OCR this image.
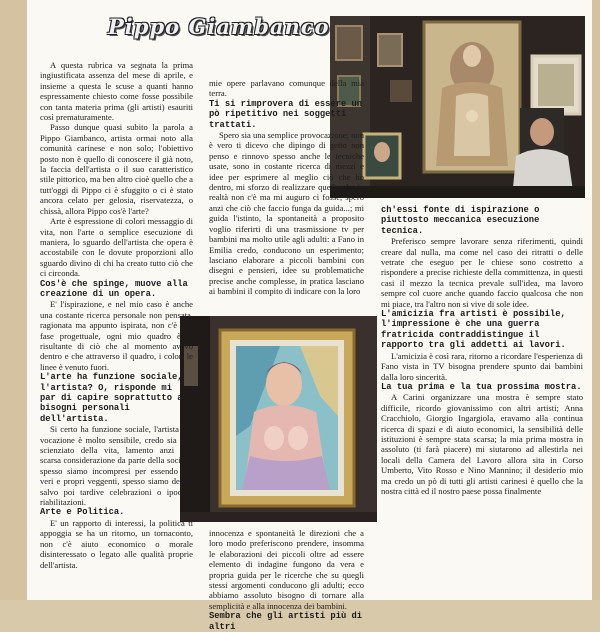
Pippo Giambanco

A questa rubrica va segnata la prima ingiustificata assenza del mese di aprile, e insieme a questa le scuse a quanti hanno espressamente chiesto come fosse possibile con tanta materia prima (gli artisti) esauriti così prematuramente.

Passo dunque quasi subito la parola a Pippo Giambanco, artista ormai noto alla comunità carinese e non solo; l'obiettivo posto non è quello di conoscere il già noto, la faccia dell'artista o il suo caratteristico stile pittorico, ma ben altro cioè quello che a tutt'oggi di Pippo ci è sfuggito o ci è stato ancora celato per gelosia, riservatezza, o chissà, allora Pippo cos'è l'arte?

Arte è espressione di colori messaggio di vita, non l'arte o semplice esecuzione di maniera, lo sguardo dell'artista che opera è accostabile con le dovute proporzioni allo sguardo divino di chi ha creato tutto ciò che ci circonda.

Cos'è che spinge, muove alla creazione di un opera.

E' l'ispirazione, e nel mio caso è anche una costante ricerca personale non pensata, ragionata ma appunto ispirata, non c'è una fase progettuale, ogni mio quadro è la risultante di ciò che al momento avevo dentro e che attraverso il quadro, i colori le linee è venuto fuori.

L'arte ha funzione sociale, l'artista? O, risponde mi par di capire soprattutto ai bisogni personali dell'artista.

Si certo ha funzione sociale, l'artista per vocazione è molto sensibile, credo sia uno scienziato della vita, lamento anzi una scarsa considerazione da parte della società, spesso siamo incompresi per essendo dei veri e propri veggenti, spesso siamo derisi, salvo poi tardive celebrazioni o ipocrite riabilitazioni.

Arte e Politica.

E' un rapporto di interessi, la politica ti appoggia se ha un ritorno, un tornaconto, non c'è aiuto economico o morale disinteressato o legato alle qualità proprie dell'artista.

mie opere parlavano comunque della mia terra.

Ti si rimprovera di essere un pò ripetitivo nei soggetti trattati.

Spero sia una semplice provocazione; non è vero ti dicevo che dipingo di getto non penso e rinnovo spesso anche le tecniche usate, sono in costante ricerca di mezzi e idee per esprimere al meglio ciò che ho dentro, mi sforzo di realizzare quello che in realtà non c'è ma mi auguro ci fosse, spero anzi che ciò che faccio funga da guida...; mi guida l'istinto, la spontaneità a proposito voglio riferirti di una trasmissione tv per bambini ma molto utile agli adulti: a Fano in Emilia credo, conducono un esperimento; lasciano elaborare a piccoli bambini con disegni e pensieri, idee su problematiche precise anche complesse, in pratica lasciano ai bambini il compito di indicare con la loro

innocenza e spontaneità le direzioni che a loro modo preferiscono prendere, insomma le elaborazioni dei piccoli oltre ad essere elemento di indagine fungono da vera e propria guida per le ricerche che su quegli stessi argomenti conducono gli adulti; ecco abbiamo assoluto bisogno di tornare alla semplicità e alla innocenza dei bambini.

Sembra che gli artisti più di altri

ch'essi fonte di ispirazione o piuttosto meccanica esecuzione tecnica.

Preferisco sempre lavorare senza riferimenti, quindi creare dal nulla, ma come nel caso dei ritratti o delle vetrate che eseguo per le chiese sono costretto a rispondere a precise richieste della committenza, in questi casi il mezzo la tecnica prevale sull'idea, ma lavoro sempre col cuore anche quando faccio qualcosa che non mi piace, tra l'altro non si vive di sole idee.

L'amicizia fra artisti è possibile, l'impressione è che una guerra fratricida contraddistingue il rapporto tra gli addetti ai lavori.

L'amicizia è così rara, ritorno a ricordare l'esperienza di Fano vista in TV bisogna prendere spunto dai bambini dalla loro sincerità.

La tua prima e la tua prossima mostra.

A Carini organizzare una mostra è sempre stato difficile, ricordo giovanissimo con altri artisti; Anna Cracchiolo, Giorgio Ingargiola, eravamo alla continua ricerca di spazi e di aiuto economici, la sensibilità delle istituzioni è sempre stata scarsa; la mia prima mostra in assoluto (ti farà piacere) mi siutarono ad allestirla nei locali della Camera del Lavoro allora sita in Corso Umberto, Vito Rosso e Nino Mannino; il desiderio mio ma credo un pò di tutti gli artisti carinesi è quello che la nostra città ed il nostro paese possa finalmente
